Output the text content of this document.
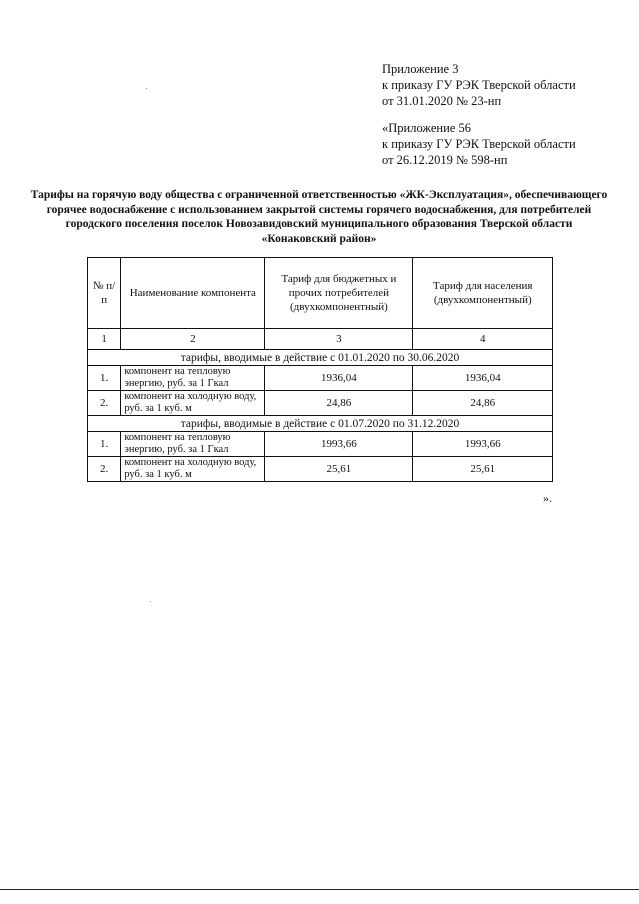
Приложение 3
к приказу ГУ РЭК Тверской области
от 31.01.2020 № 23-нп
«Приложение 56
к приказу ГУ РЭК Тверской области
от 26.12.2019 № 598-нп
Тарифы на горячую воду общества с ограниченной ответственностью «ЖК-Эксплуатация», обеспечивающего горячее водоснабжение с использованием закрытой системы горячего водоснабжения, для потребителей городского поселения поселок Новозавидовский муниципального образования Тверской области «Конаковский район»
№ п/п	Наименование компонента	Тариф для бюджетных и прочих потребителей (двухкомпонентный)	Тариф для населения (двухкомпонентный)
1	2	3	4
тарифы, вводимые в действие с 01.01.2020 по 30.06.2020			
1.	компонент на тепловую энергию, руб. за 1 Гкал	1936,04	1936,04
2.	компонент на холодную воду, руб. за 1 куб. м	24,86	24,86
тарифы, вводимые в действие с 01.07.2020 по 31.12.2020			
1.	компонент на тепловую энергию, руб. за 1 Гкал	1993,66	1993,66
2.	компонент на холодную воду, руб. за 1 куб. м	25,61	25,61
».
